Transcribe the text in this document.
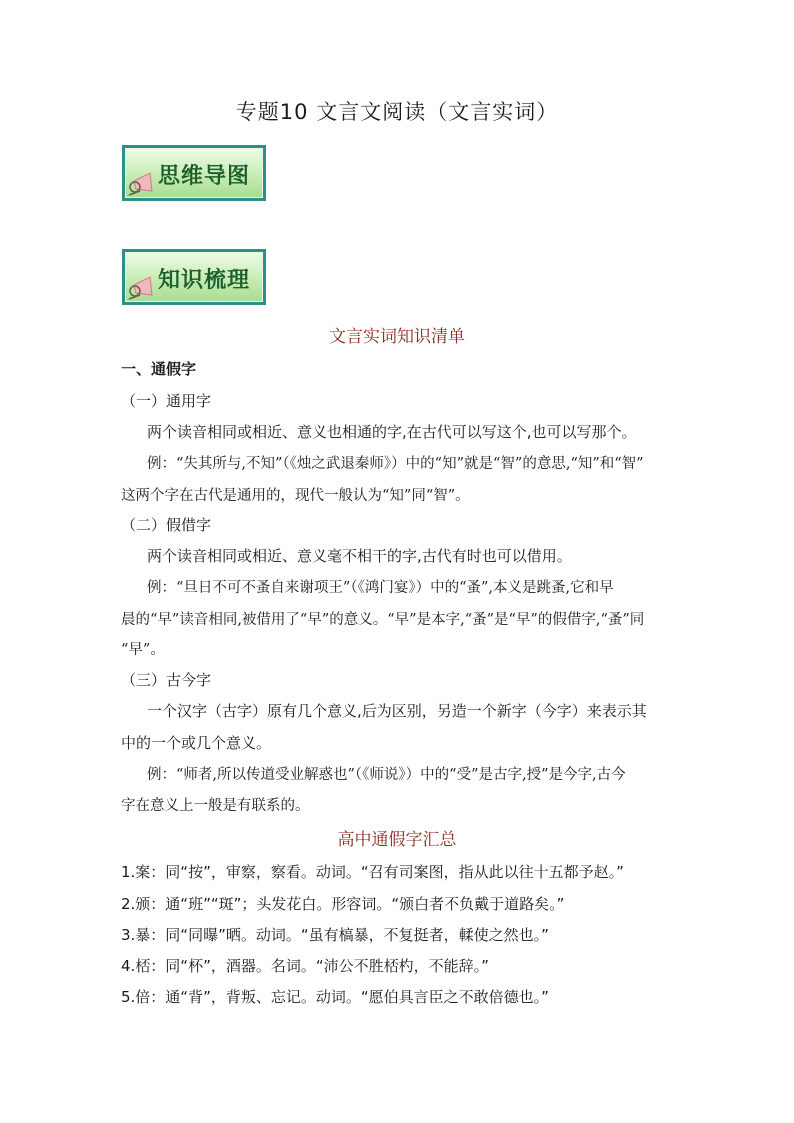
专题10 文言文阅读（文言实词）
思维导图
知识梳理
文言实词知识清单
一、通假字
（一）通用字
两个读音相同或相近、意义也相通的字,在古代可以写这个,也可以写那个。
例：“失其所与,不知”（《烛之武退秦师》）中的“知”就是“智”的意思,“知”和“智”
这两个字在古代是通用的，现代一般认为“知”同“智”。
（二）假借字
两个读音相同或相近、意义毫不相干的字,古代有时也可以借用。
例：“旦日不可不蚤自来谢项王”（《鸿门宴》）中的“蚤”,本义是跳蚤,它和早
晨的“早”读音相同,被借用了“早”的意义。“早”是本字,“蚤”是“早”的假借字,“蚤”同
“早”。
（三）古今字
一个汉字（古字）原有几个意义,后为区别，另造一个新字（今字）来表示其
中的一个或几个意义。
例：“师者,所以传道受业解惑也”（《师说》）中的“受”是古字,授”是今字,古今
字在意义上一般是有联系的。
高中通假字汇总
1.案：同“按”，审察，察看。动词。“召有司案图，指从此以往十五都予赵。”
2.颁：通“班”“斑”；头发花白。形容词。“颁白者不负戴于道路矣。”
3.暴：同“同曝”晒。动词。“虽有槁暴，不复挺者，輮使之然也。”
4.桮：同“杯”，酒器。名词。“沛公不胜桮杓，不能辞。”
5.倍：通“背”，背叛、忘记。动词。“愿伯具言臣之不敢倍德也。”
